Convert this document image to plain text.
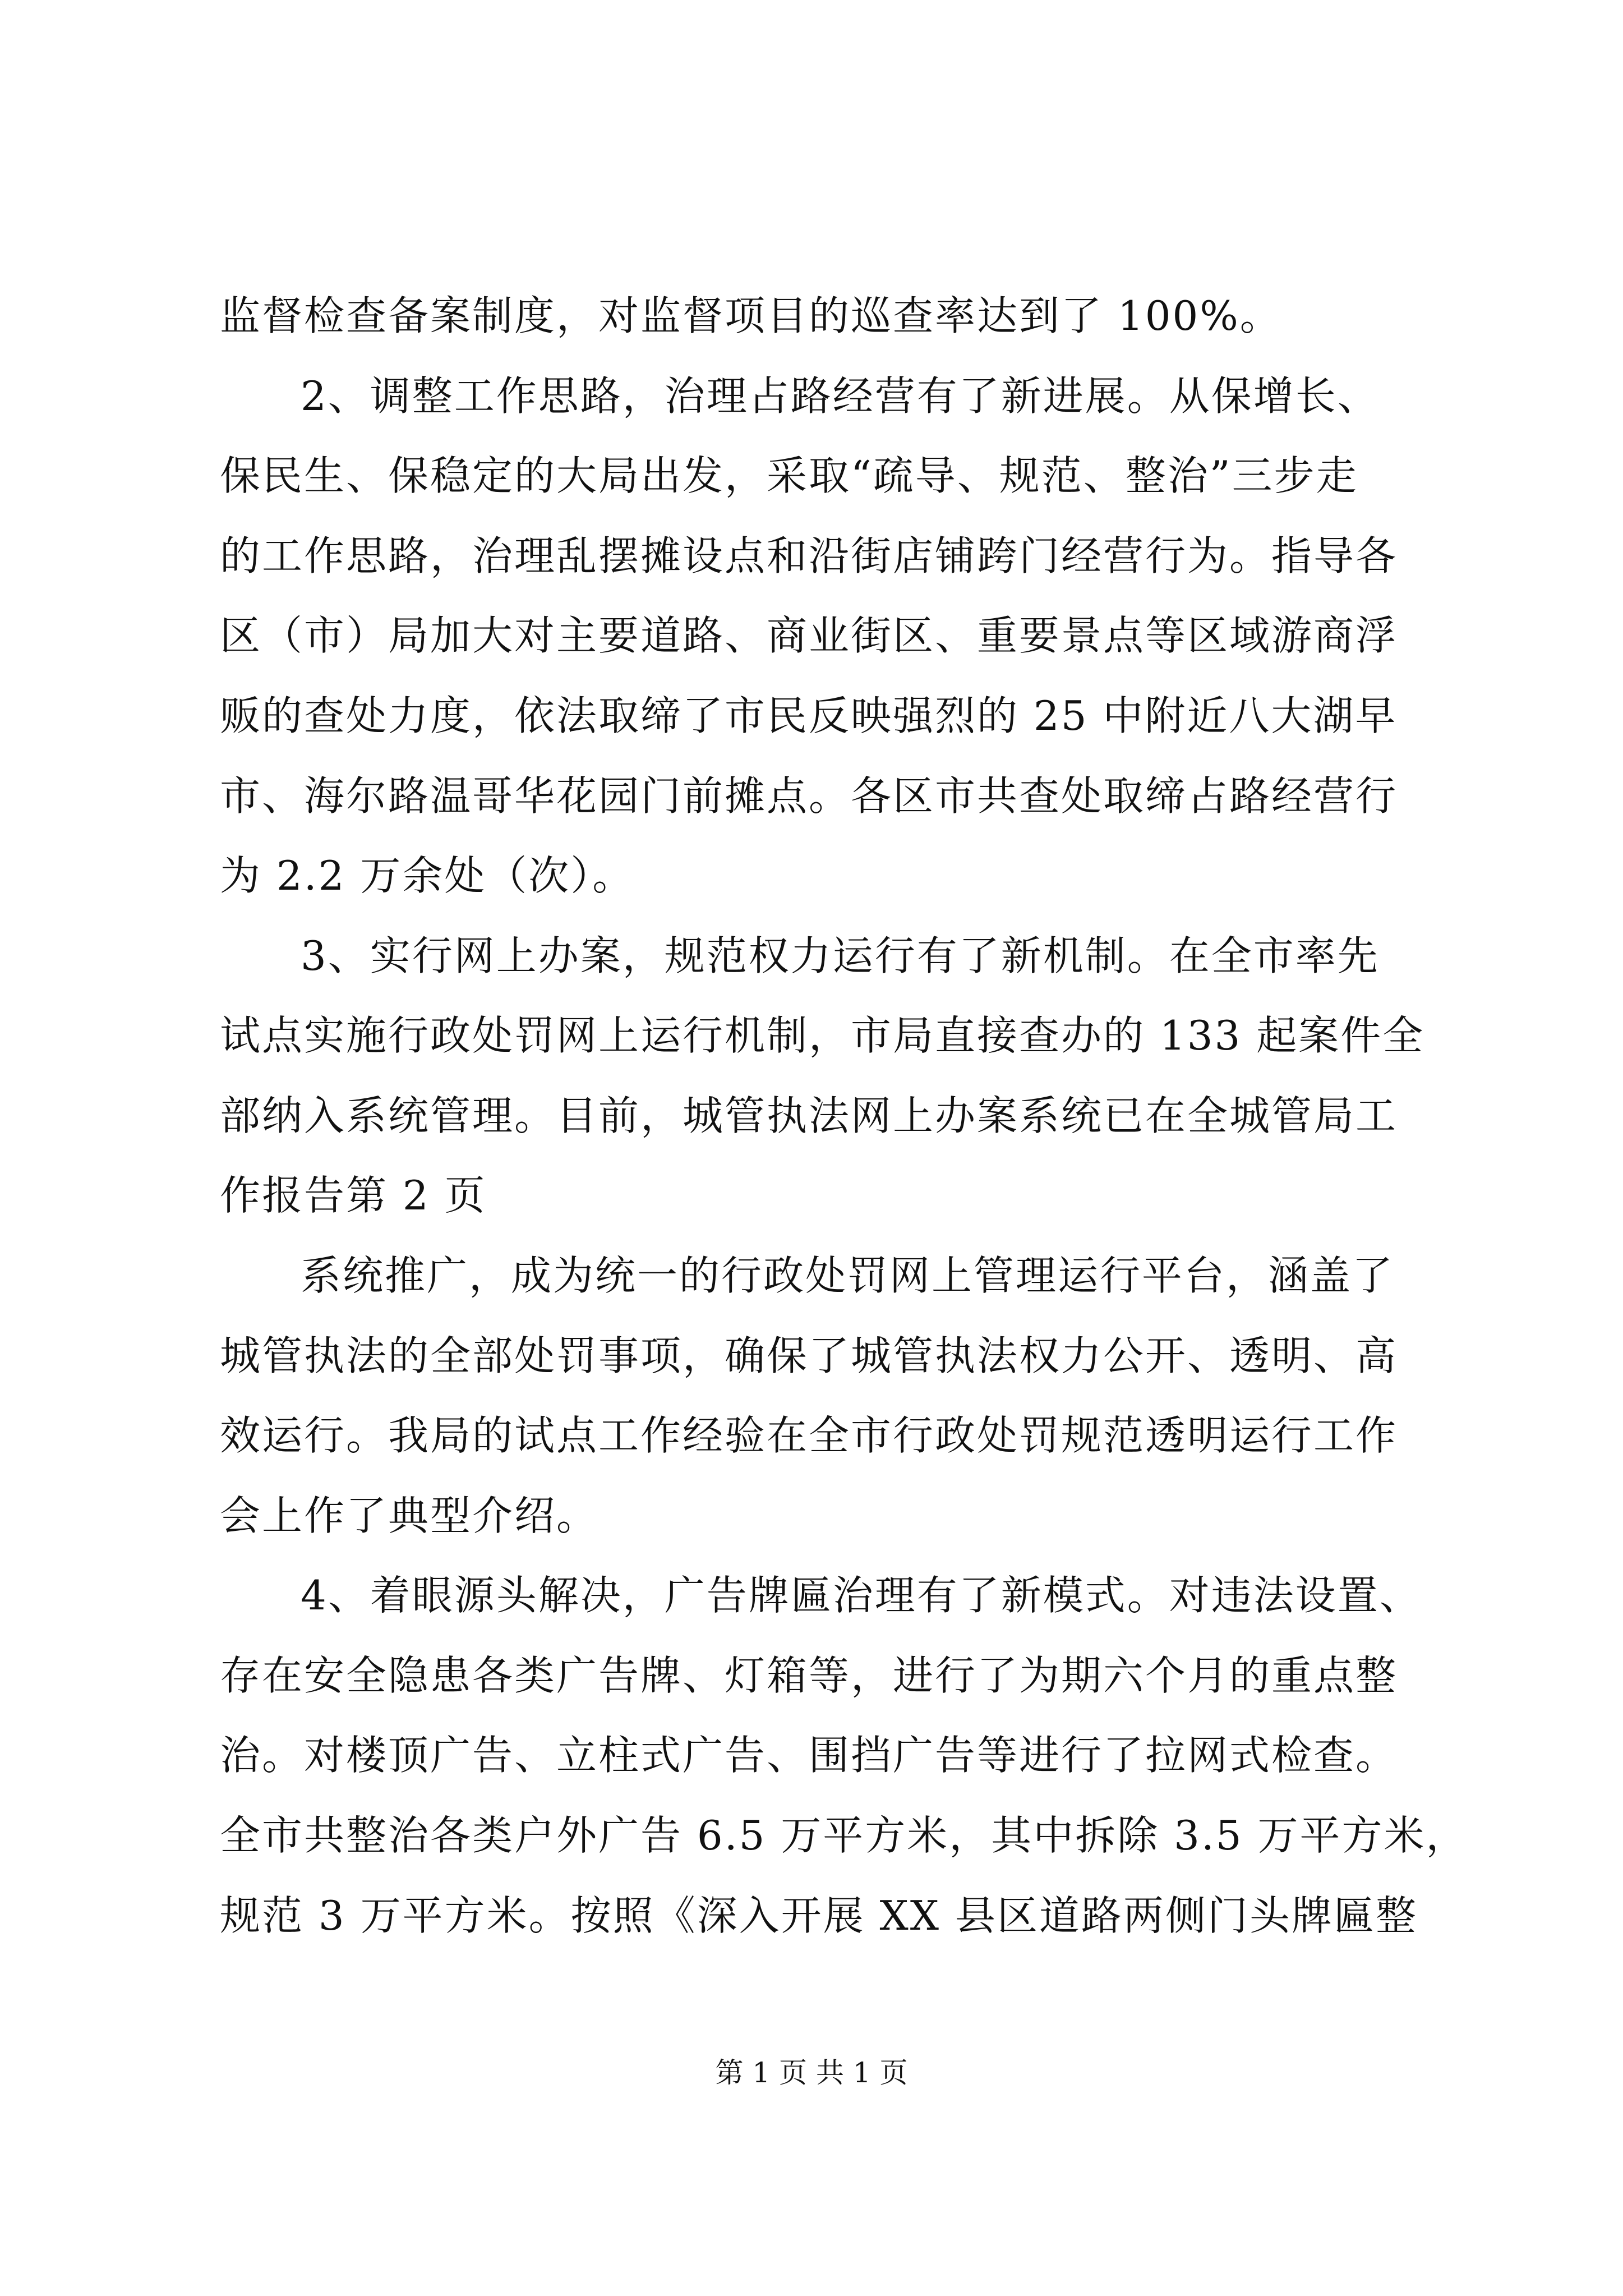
监督检查备案制度，对监督项目的巡查率达到了 100%。
2、调整工作思路，治理占路经营有了新进展。从保增长、
保民生、保稳定的大局出发，采取“疏导、规范、整治”三步走
的工作思路，治理乱摆摊设点和沿街店铺跨门经营行为。指导各
区（市）局加大对主要道路、商业街区、重要景点等区域游商浮
贩的查处力度，依法取缔了市民反映强烈的 25 中附近八大湖早
市、海尔路温哥华花园门前摊点。各区市共查处取缔占路经营行
为 2.2 万余处（次）。
3、实行网上办案，规范权力运行有了新机制。在全市率先
试点实施行政处罚网上运行机制，市局直接查办的 133 起案件全
部纳入系统管理。目前，城管执法网上办案系统已在全城管局工
作报告第 2 页
系统推广，成为统一的行政处罚网上管理运行平台，涵盖了
城管执法的全部处罚事项，确保了城管执法权力公开、透明、高
效运行。我局的试点工作经验在全市行政处罚规范透明运行工作
会上作了典型介绍。
4、着眼源头解决，广告牌匾治理有了新模式。对违法设置、
存在安全隐患各类广告牌、灯箱等，进行了为期六个月的重点整
治。对楼顶广告、立柱式广告、围挡广告等进行了拉网式检查。
全市共整治各类户外广告 6.5 万平方米，其中拆除 3.5 万平方米，
规范 3 万平方米。按照《深入开展 XX 县区道路两侧门头牌匾整
第 1 页 共 1 页
